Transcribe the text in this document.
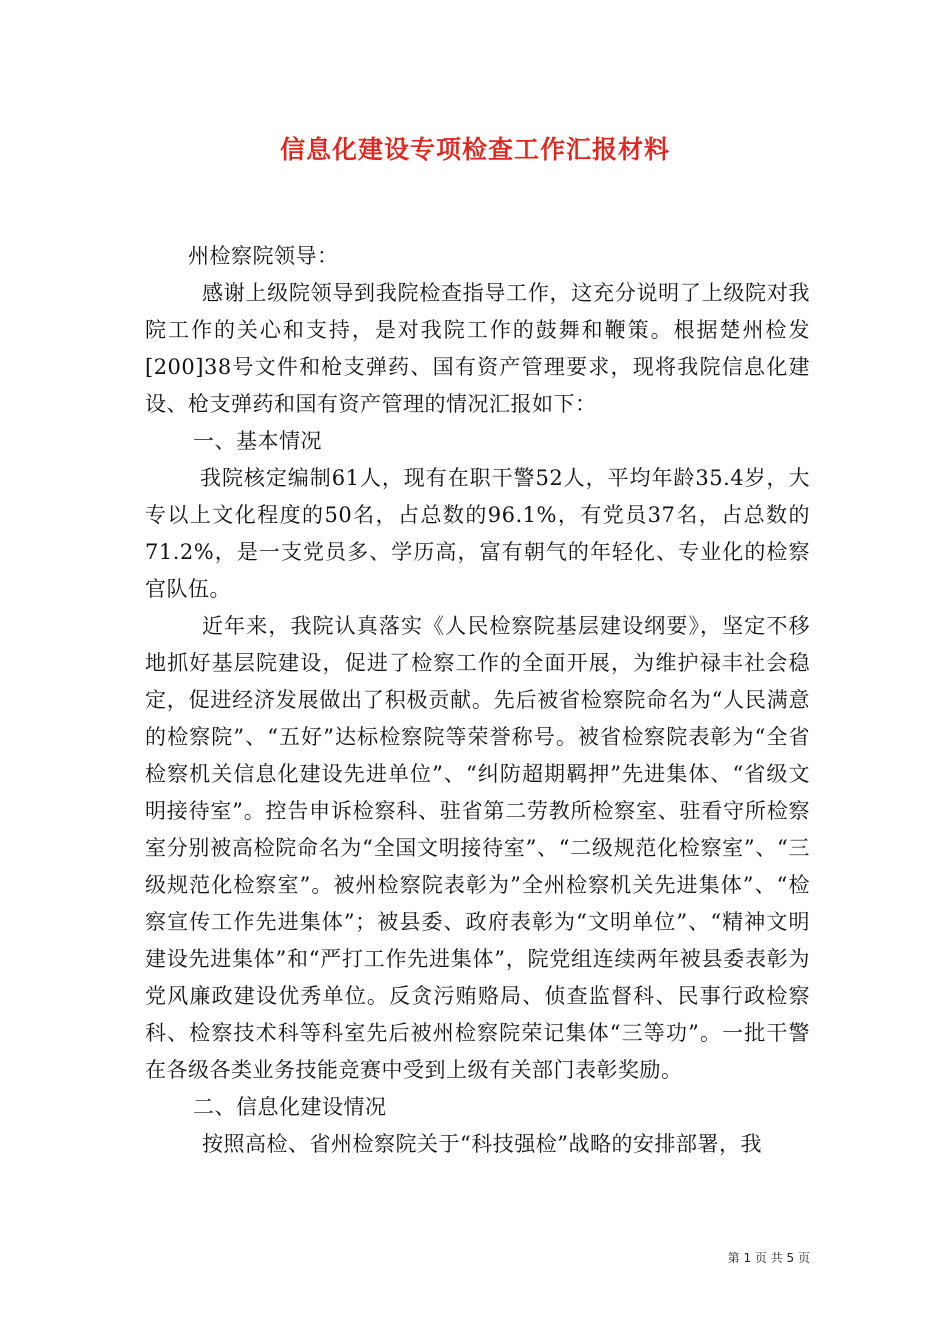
信息化建设专项检查工作汇报材料

州检察院领导：

感谢上级院领导到我院检查指导工作，这充分说明了上级院对我院工作的关心和支持，是对我院工作的鼓舞和鞭策。根据楚州检发[200]38号文件和枪支弹药、国有资产管理要求，现将我院信息化建设、枪支弹药和国有资产管理的情况汇报如下：

一、基本情况

我院核定编制61人，现有在职干警52人，平均年龄35.4岁，大专以上文化程度的50名，占总数的96.1%，有党员37名，占总数的71.2%，是一支党员多、学历高，富有朝气的年轻化、专业化的检察官队伍。

近年来，我院认真落实《人民检察院基层建设纲要》，坚定不移地抓好基层院建设，促进了检察工作的全面开展，为维护禄丰社会稳定，促进经济发展做出了积极贡献。先后被省检察院命名为“人民满意的检察院”、“五好”达标检察院等荣誉称号。被省检察院表彰为“全省检察机关信息化建设先进单位”、“纠防超期羁押”先进集体、“省级文明接待室”。控告申诉检察科、驻省第二劳教所检察室、驻看守所检察室分别被高检院命名为“全国文明接待室”、“二级规范化检察室”、“三级规范化检察室”。被州检察院表彰为”全州检察机关先进集体”、“检察宣传工作先进集体”；被县委、政府表彰为“文明单位”、“精神文明建设先进集体”和“严打工作先进集体”，院党组连续两年被县委表彰为党风廉政建设优秀单位。反贪污贿赂局、侦查监督科、民事行政检察科、检察技术科等科室先后被州检察院荣记集体“三等功”。一批干警在各级各类业务技能竞赛中受到上级有关部门表彰奖励。

二、信息化建设情况

按照高检、省州检察院关于“科技强检”战略的安排部署，我

第 1 页 共 5 页
